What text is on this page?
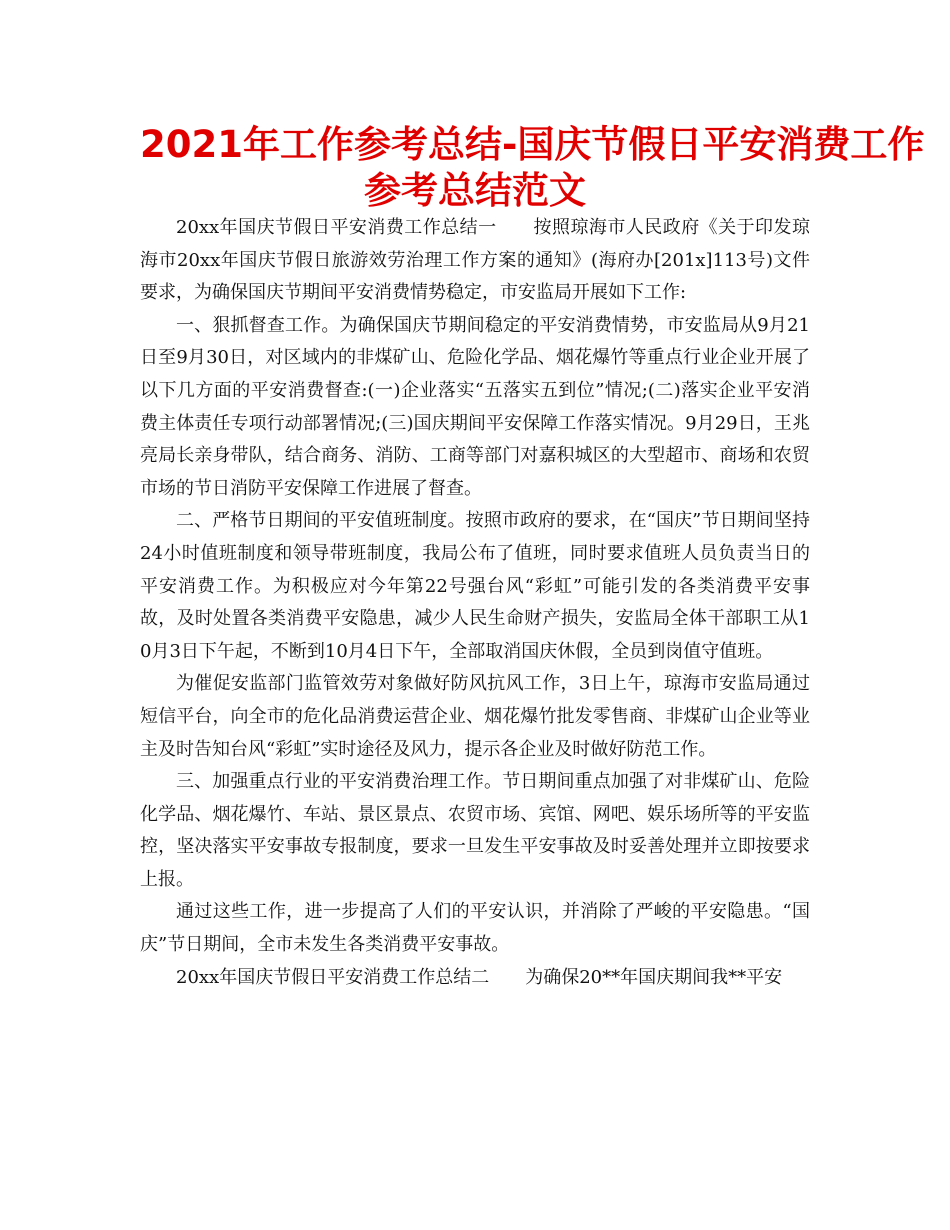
2021年工作参考总结-国庆节假日平安消费工作
参考总结范文

20xx年国庆节假日平安消费工作总结一　　按照琼海市人民政府《关于印发琼海市20xx年国庆节假日旅游效劳治理工作方案的通知》(海府办[201x]113号)文件要求，为确保国庆节期间平安消费情势稳定，市安监局开展如下工作:

一、狠抓督查工作。为确保国庆节期间稳定的平安消费情势，市安监局从9月21日至9月30日，对区域内的非煤矿山、危险化学品、烟花爆竹等重点行业企业开展了以下几方面的平安消费督查:(一)企业落实“五落实五到位”情况;(二)落实企业平安消费主体责任专项行动部署情况;(三)国庆期间平安保障工作落实情况。9月29日，王兆亮局长亲身带队，结合商务、消防、工商等部门对嘉积城区的大型超市、商场和农贸市场的节日消防平安保障工作进展了督查。

二、严格节日期间的平安值班制度。按照市政府的要求，在“国庆”节日期间坚持24小时值班制度和领导带班制度，我局公布了值班，同时要求值班人员负责当日的平安消费工作。为积极应对今年第22号强台风“彩虹”可能引发的各类消费平安事故，及时处置各类消费平安隐患，减少人民生命财产损失，安监局全体干部职工从10月3日下午起，不断到10月4日下午，全部取消国庆休假，全员到岗值守值班。

为催促安监部门监管效劳对象做好防风抗风工作，3日上午，琼海市安监局通过短信平台，向全市的危化品消费运营企业、烟花爆竹批发零售商、非煤矿山企业等业主及时告知台风“彩虹”实时途径及风力，提示各企业及时做好防范工作。

三、加强重点行业的平安消费治理工作。节日期间重点加强了对非煤矿山、危险化学品、烟花爆竹、车站、景区景点、农贸市场、宾馆、网吧、娱乐场所等的平安监控，坚决落实平安事故专报制度，要求一旦发生平安事故及时妥善处理并立即按要求上报。

通过这些工作，进一步提高了人们的平安认识，并消除了严峻的平安隐患。“国庆”节日期间，全市未发生各类消费平安事故。

20xx年国庆节假日平安消费工作总结二　　为确保20**年国庆期间我**平安
